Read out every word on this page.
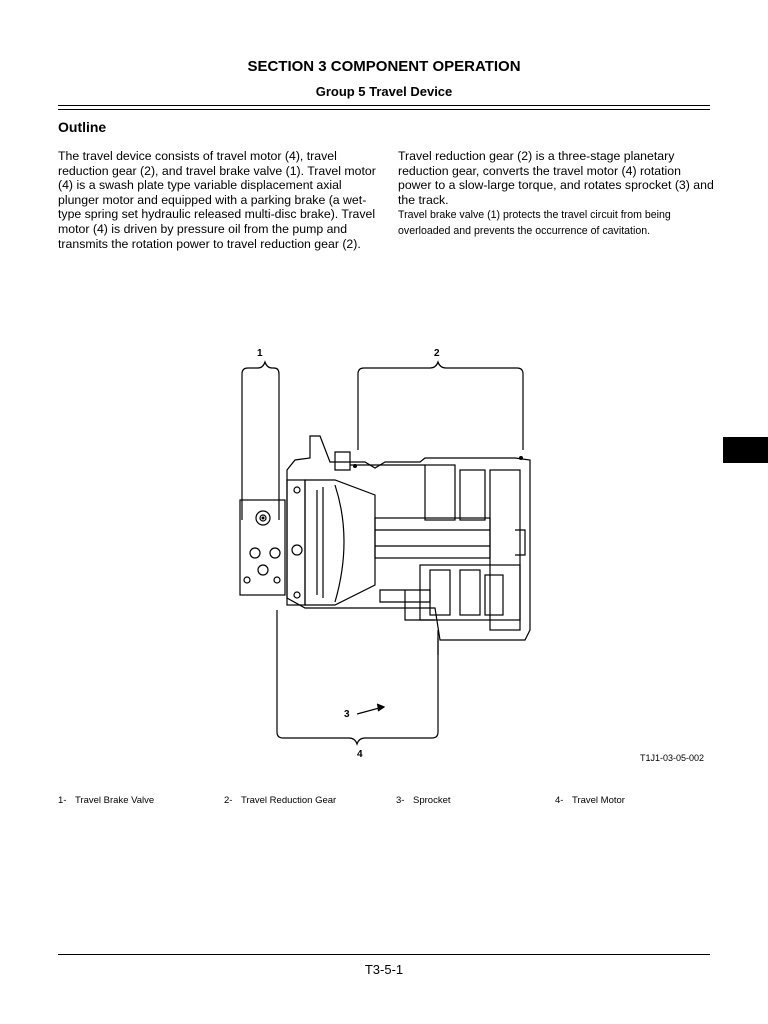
SECTION 3 COMPONENT OPERATION
Group 5 Travel Device
Outline
The travel device consists of travel motor (4), travel reduction gear (2), and travel brake valve (1). Travel motor (4) is a swash plate type variable displacement axial plunger motor and equipped with a parking brake (a wet-type spring set hydraulic released multi-disc brake). Travel motor (4) is driven by pressure oil from the pump and transmits the rotation power to travel reduction gear (2).
Travel reduction gear (2) is a three-stage planetary reduction gear, converts the travel motor (4) rotation power to a slow-large torque, and rotates sprocket (3) and the track.
Travel brake valve (1) protects the travel circuit from being overloaded and prevents the occurrence of cavitation.
1	2
3
4	T1J1-03-05-002
1- Travel Brake Valve	2- Travel Reduction Gear	3- Sprocket	4- Travel Motor
T3-5-1
